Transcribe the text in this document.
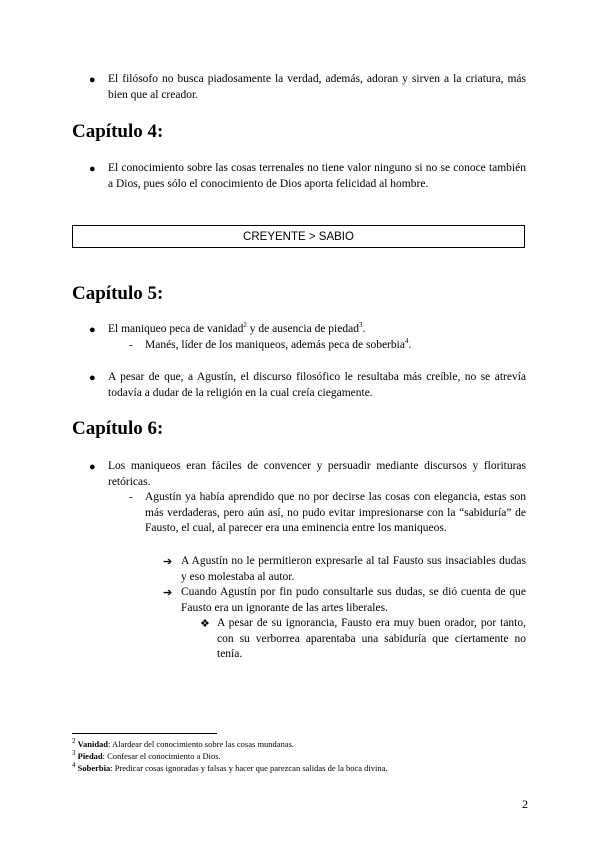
● El filósofo no busca piadosamente la verdad, además, adoran y sirven a la criatura, más bien que al creador.
Capítulo 4:
● El conocimiento sobre las cosas terrenales no tiene valor ninguno si no se conoce también a Dios, pues sólo el conocimiento de Dios aporta felicidad al hombre.
CREYENTE > SABIO
Capítulo 5:
● El maniqueo peca de vanidad$^2$ y de ausencia de piedad$^3$.
- Manés, líder de los maniqueos, además peca de soberbia$^4$.
● A pesar de que, a Agustín, el discurso filosófico le resultaba más creíble, no se atrevía todavía a dudar de la religión en la cual creía ciegamente.
Capítulo 6:
● Los maniqueos eran fáciles de convencer y persuadir mediante discursos y florituras retóricas.
- Agustín ya había aprendido que no por decirse las cosas con elegancia, estas son más verdaderas, pero aún así, no pudo evitar impresionarse con la “sabiduría” de Fausto, el cual, al parecer era una eminencia entre los maniqueos.
➔ A Agustín no le permitieron expresarle al tal Fausto sus insaciables dudas y eso molestaba al autor.
➔ Cuando Agustín por fin pudo consultarle sus dudas, se dió cuenta de que Fausto era un ignorante de las artes liberales.
❖ A pesar de su ignorancia, Fausto era muy buen orador, por tanto, con su verborrea aparentaba una sabiduría que ciertamente no tenía.
$^2$ Vanidad: Alardear del conocimiento sobre las cosas mundanas.
$^3$ Piedad: Confesar el conocimiento a Dios.
$^4$ Soberbia: Predicar cosas ignoradas y falsas y hacer que parezcan salidas de la boca divina.
2
